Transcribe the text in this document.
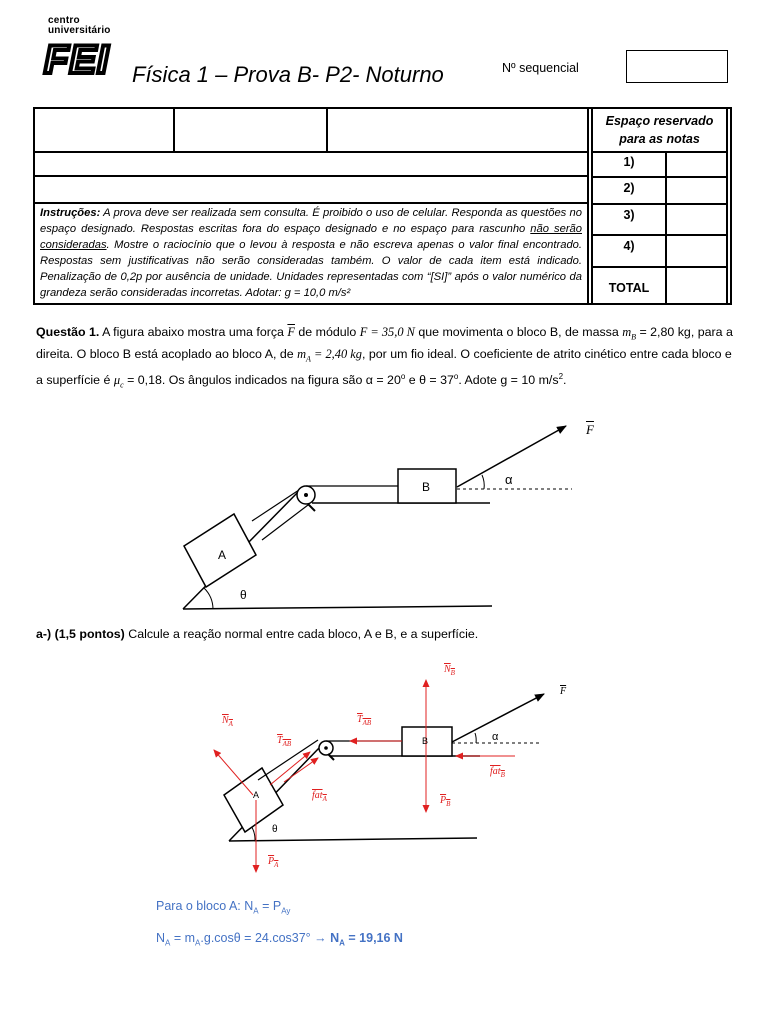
centro
universitário
FEI Física 1 – Prova B- P2- Noturno	Nº sequencial
Espaço reservado
para as notas
1)
2)
3)
4)
TOTAL
Instruções: A prova deve ser realizada sem consulta. É proibido o uso de celular. Responda as questões no espaço designado. Respostas escritas fora do espaço designado e no espaço para rascunho não serão consideradas. Mostre o raciocínio que o levou à resposta e não escreva apenas o valor final encontrado. Respostas sem justificativas não serão consideradas também. O valor de cada item está indicado. Penalização de 0,2p por ausência de unidade. Unidades representadas com “[SI]” após o valor numérico da grandeza serão consideradas incorretas. Adotar: g = 10,0 m/s²
Questão 1. A figura abaixo mostra uma força $\overline{F}$ de módulo F = 35,0 N que movimenta o bloco B, de massa $m_B = 2,80$ kg, para a direita. O bloco B está acoplado ao bloco A, de $m_A = 2,40$ kg, por um fio ideal. O coeficiente de atrito cinético entre cada bloco e a superfície é $\mu_c = 0,18$. Os ângulos indicados na figura são $\alpha = 20^o$ e $\theta = 37^o$. Adote g = 10 $m/s^2$.
$\overline{F}$
α
θ
A
B
a-) (1,5 pontos) Calcule a reação normal entre cada bloco, A e B, e a superfície.
$N_A$
$T_{AB}$
fat$_A$
$P_A$
$N_B$
$T_{AB}$
fat$_B$
$P_B$
$\overline{F}$
α
θ
A
B
Para o bloco A: $N_A = P_{Ay}$
$N_A = m_A.g.\cos\theta = 24.\cos 37^\circ \to N_A = 19,16$ N
